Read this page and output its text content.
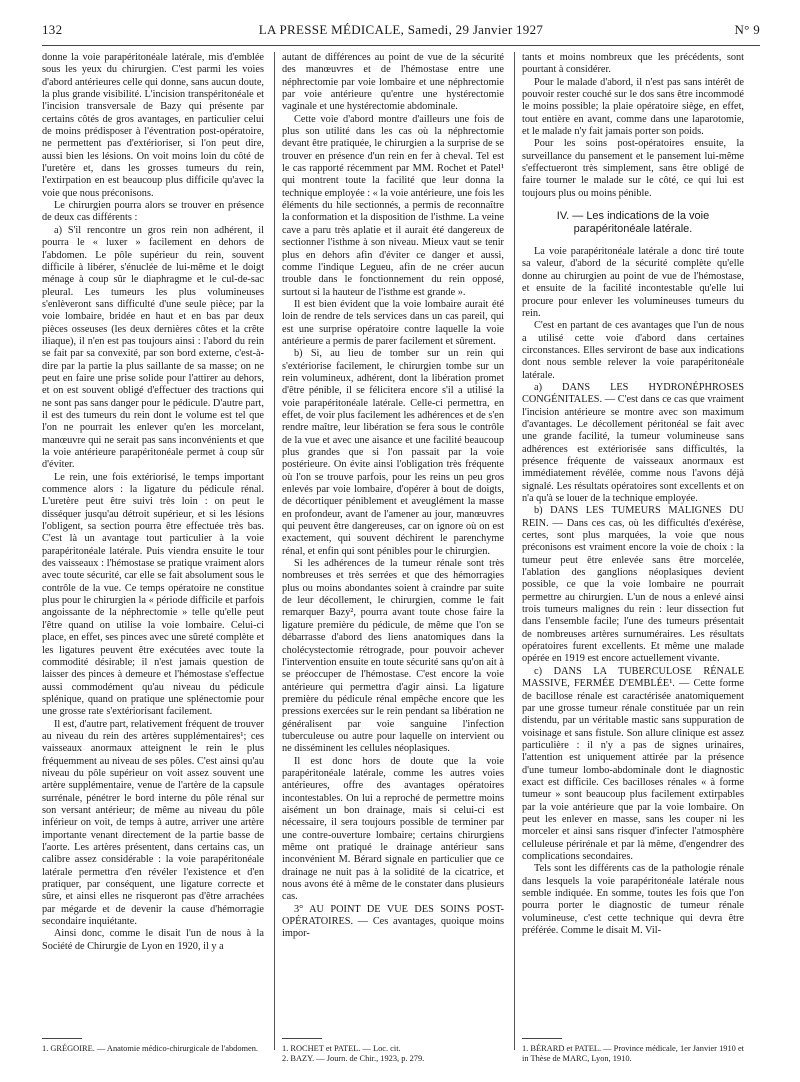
132	LA PRESSE MÉDICALE, Samedi, 29 Janvier 1927	N° 9

donne la voie parapéritonéale latérale, mis d'emblée sous les yeux du chirurgien. C'est parmi les voies d'abord antérieures celle qui donne, sans aucun doute, la plus grande visibilité. L'incision transpéritonéale et l'incision transversale de Bazy qui présente par certains côtés de gros avantages, en particulier celui de moins prédisposer à l'éventration post-opératoire, ne permettent pas d'extérioriser, si l'on peut dire, aussi bien les lésions. On voit moins loin du côté de l'uretère et, dans les grosses tumeurs du rein, l'extirpation en est beaucoup plus difficile qu'avec la voie que nous préconisons.

Le chirurgien pourra alors se trouver en présence de deux cas différents :

a) S'il rencontre un gros rein non adhérent, il pourra le « luxer » facilement en dehors de l'abdomen. Le pôle supérieur du rein, souvent difficile à libérer, s'énuclée de lui-même et le doigt ménage à coup sûr le diaphragme et le cul-de-sac pleural. Les tumeurs les plus volumineuses s'enlèveront sans difficulté d'une seule pièce; par la voie lombaire, bridée en haut et en bas par deux pièces osseuses (les deux dernières côtes et la crête iliaque), il n'en est pas toujours ainsi : l'abord du rein se fait par sa convexité, par son bord externe, c'est-à-dire par la partie la plus saillante de sa masse; on ne peut en faire une prise solide pour l'attirer au dehors, et on est souvent obligé d'effectuer des tractions qui ne sont pas sans danger pour le pédicule. D'autre part, il est des tumeurs du rein dont le volume est tel que l'on ne pourrait les enlever qu'en les morcelant, manœuvre qui ne serait pas sans inconvénients et que la voie antérieure parapéritonéale permet à coup sûr d'éviter.

Le rein, une fois extériorisé, le temps important commence alors : la ligature du pédicule rénal. L'uretère peut être suivi très loin : on peut le disséquer jusqu'au détroit supérieur, et si les lésions l'obligent, sa section pourra être effectuée très bas. C'est là un avantage tout particulier à la voie parapéritonéale latérale. Puis viendra ensuite le tour des vaisseaux : l'hémostase se pratique vraiment alors avec toute sécurité, car elle se fait absolument sous le contrôle de la vue. Ce temps opératoire ne constitue plus pour le chirurgien la « période difficile et parfois angoissante de la néphrectomie » telle qu'elle peut l'être quand on utilise la voie lombaire. Celui-ci place, en effet, ses pinces avec une sûreté complète et les ligatures peuvent être exécutées avec toute la commodité désirable; il n'est jamais question de laisser des pinces à demeure et l'hémostase s'effectue aussi commodément qu'au niveau du pédicule splénique, quand on pratique une splénectomie pour une grosse rate s'extériorisant facilement.

Il est, d'autre part, relativement fréquent de trouver au niveau du rein des artères supplémentaires¹; ces vaisseaux anormaux atteignent le rein le plus fréquemment au niveau de ses pôles. C'est ainsi qu'au niveau du pôle supérieur on voit assez souvent une artère supplémentaire, venue de l'artère de la capsule surrénale, pénétrer le bord interne du pôle rénal sur son versant antérieur; de même au niveau du pôle inférieur on voit, de temps à autre, arriver une artère importante venant directement de la partie basse de l'aorte. Les artères présentent, dans certains cas, un calibre assez considérable : la voie parapéritonéale latérale permettra d'en révéler l'existence et d'en pratiquer, par conséquent, une ligature correcte et sûre, et ainsi elles ne risqueront pas d'être arrachées par mégarde et de devenir la cause d'hémorragie secondaire inquiétante.

Ainsi donc, comme le disait l'un de nous à la Société de Chirurgie de Lyon en 1920, il y a

autant de différences au point de vue de la sécurité des manœuvres et de l'hémostase entre une néphrectomie par voie lombaire et une néphrectomie par voie antérieure qu'entre une hystérectomie vaginale et une hystérectomie abdominale.

Cette voie d'abord montre d'ailleurs une fois de plus son utilité dans les cas où la néphrectomie devant être pratiquée, le chirurgien a la surprise de se trouver en présence d'un rein en fer à cheval. Tel est le cas rapporté récemment par MM. Rochet et Patel¹ qui montrent toute la facilité que leur donna la technique employée : « la voie antérieure, une fois les éléments du hile sectionnés, a permis de reconnaître la conformation et la disposition de l'isthme. La veine cave a paru très aplatie et il aurait été dangereux de sectionner l'isthme à son niveau. Mieux vaut se tenir plus en dehors afin d'éviter ce danger et aussi, comme l'indique Legueu, afin de ne créer aucun trouble dans le fonctionnement du rein opposé, surtout si la hauteur de l'isthme est grande ».

Il est bien évident que la voie lombaire aurait été loin de rendre de tels services dans un cas pareil, qui est une surprise opératoire contre laquelle la voie antérieure a permis de parer facilement et sûrement.

b) Si, au lieu de tomber sur un rein qui s'extériorise facilement, le chirurgien tombe sur un rein volumineux, adhérent, dont la libération promet d'être pénible, il se félicitera encore s'il a utilisé la voie parapéritonéale latérale. Celle-ci permettra, en effet, de voir plus facilement les adhérences et de s'en rendre maître, leur libération se fera sous le contrôle de la vue et avec une aisance et une facilité beaucoup plus grandes que si l'on passait par la voie postérieure. On évite ainsi l'obligation très fréquente où l'on se trouve parfois, pour les reins un peu gros enlevés par voie lombaire, d'opérer à bout de doigts, de décortiquer péniblement et aveuglément la masse en profondeur, avant de l'amener au jour, manœuvres qui peuvent être dangereuses, car on ignore où on est exactement, qui souvent déchirent le parenchyme rénal, et enfin qui sont pénibles pour le chirurgien.

Si les adhérences de la tumeur rénale sont très nombreuses et très serrées et que des hémorragies plus ou moins abondantes soient à craindre par suite de leur décollement, le chirurgien, comme le fait remarquer Bazy², pourra avant toute chose faire la ligature première du pédicule, de même que l'on se débarrasse d'abord des liens anatomiques dans la cholécystectomie rétrograde, pour pouvoir achever l'intervention ensuite en toute sécurité sans qu'on ait à se préoccuper de l'hémostase. C'est encore la voie antérieure qui permettra d'agir ainsi. La ligature première du pédicule rénal empêche encore que les pressions exercées sur le rein pendant sa libération ne généralisent par voie sanguine l'infection tuberculeuse ou autre pour laquelle on intervient ou ne disséminent les cellules néoplasiques.

Il est donc hors de doute que la voie parapéritonéale latérale, comme les autres voies antérieures, offre des avantages opératoires incontestables. On lui a reproché de permettre moins aisément un bon drainage, mais si celui-ci est nécessaire, il sera toujours possible de terminer par une contre-ouverture lombaire; certains chirurgiens même ont pratiqué le drainage antérieur sans inconvénient M. Bérard signale en particulier que ce drainage ne nuit pas à la solidité de la cicatrice, et nous avons été à même de le constater dans plusieurs cas.

3° AU POINT DE VUE DES SOINS POST-OPÉRATOIRES. — Ces avantages, quoique moins impor-

tants et moins nombreux que les précédents, sont pourtant à considérer.

Pour le malade d'abord, il n'est pas sans intérêt de pouvoir rester couché sur le dos sans être incommodé le moins possible; la plaie opératoire siège, en effet, tout entière en avant, comme dans une laparotomie, et le malade n'y fait jamais porter son poids.

Pour les soins post-opératoires ensuite, la surveillance du pansement et le pansement lui-même s'effectueront très simplement, sans être obligé de faire tourner le malade sur le côté, ce qui lui est toujours plus ou moins pénible.

IV. — Les indications de la voie parapéritonéale latérale.

La voie parapéritonéale latérale a donc tiré toute sa valeur, d'abord de la sécurité complète qu'elle donne au chirurgien au point de vue de l'hémostase, et ensuite de la facilité incontestable qu'elle lui procure pour enlever les volumineuses tumeurs du rein.

C'est en partant de ces avantages que l'un de nous a utilisé cette voie d'abord dans certaines circonstances. Elles serviront de base aux indications dont nous semble relever la voie parapéritonéale latérale.

a) DANS LES HYDRONÉPHROSES CONGÉNITALES. — C'est dans ce cas que vraiment l'incision antérieure se montre avec son maximum d'avantages. Le décollement péritonéal se fait avec une grande facilité, la tumeur volumineuse sans adhérences est extériorisée sans difficultés, la présence fréquente de vaisseaux anormaux est immédiatement révélée, comme nous l'avons déjà signalé. Les résultats opératoires sont excellents et on n'a qu'à se louer de la technique employée.

b) DANS LES TUMEURS MALIGNES DU REIN. — Dans ces cas, où les difficultés d'exérèse, certes, sont plus marquées, la voie que nous préconisons est vraiment encore la voie de choix : la tumeur peut être enlevée sans être morcelée, l'ablation des ganglions néoplasiques devient possible, ce que la voie lombaire ne pourrait permettre au chirurgien. L'un de nous a enlevé ainsi trois tumeurs malignes du rein : leur dissection fut dans l'ensemble facile; l'une des tumeurs présentait de nombreuses artères surnuméraires. Les résultats opératoires furent excellents. Et même une malade opérée en 1919 est encore actuellement vivante.

c) DANS LA TUBERCULOSE RÉNALE MASSIVE, FERMÉE D'EMBLÉE¹. — Cette forme de bacillose rénale est caractérisée anatomiquement par une grosse tumeur rénale constituée par un rein distendu, par un véritable mastic sans suppuration de voisinage et sans fistule. Son allure clinique est assez particulière : il n'y a pas de signes urinaires, l'attention est uniquement attirée par la présence d'une tumeur lombo-abdominale dont le diagnostic exact est difficile. Ces bacilloses rénales « à forme tumeur » sont beaucoup plus facilement extirpables par la voie antérieure que par la voie lombaire. On peut les enlever en masse, sans les couper ni les morceler et ainsi sans risquer d'infecter l'atmosphère celluleuse périrénale et par là même, d'engendrer des complications secondaires.

Tels sont les différents cas de la pathologie rénale dans lesquels la voie parapéritonéale latérale nous semble indiquée. En somme, toutes les fois que l'on pourra porter le diagnostic de tumeur rénale volumineuse, c'est cette technique qui devra être préférée. Comme le disait M. Vil-

1. GRÉGOIRE. — Anatomie médico-chirurgicale de l'abdomen.	1. ROCHET et PATEL. — Loc. cit.
2. BAZY. — Journ. de Chir., 1923, p. 279.
1. BÉRARD et PATEL. — Province médicale, 1er Janvier 1910 et in Thèse de MARC, Lyon, 1910.
